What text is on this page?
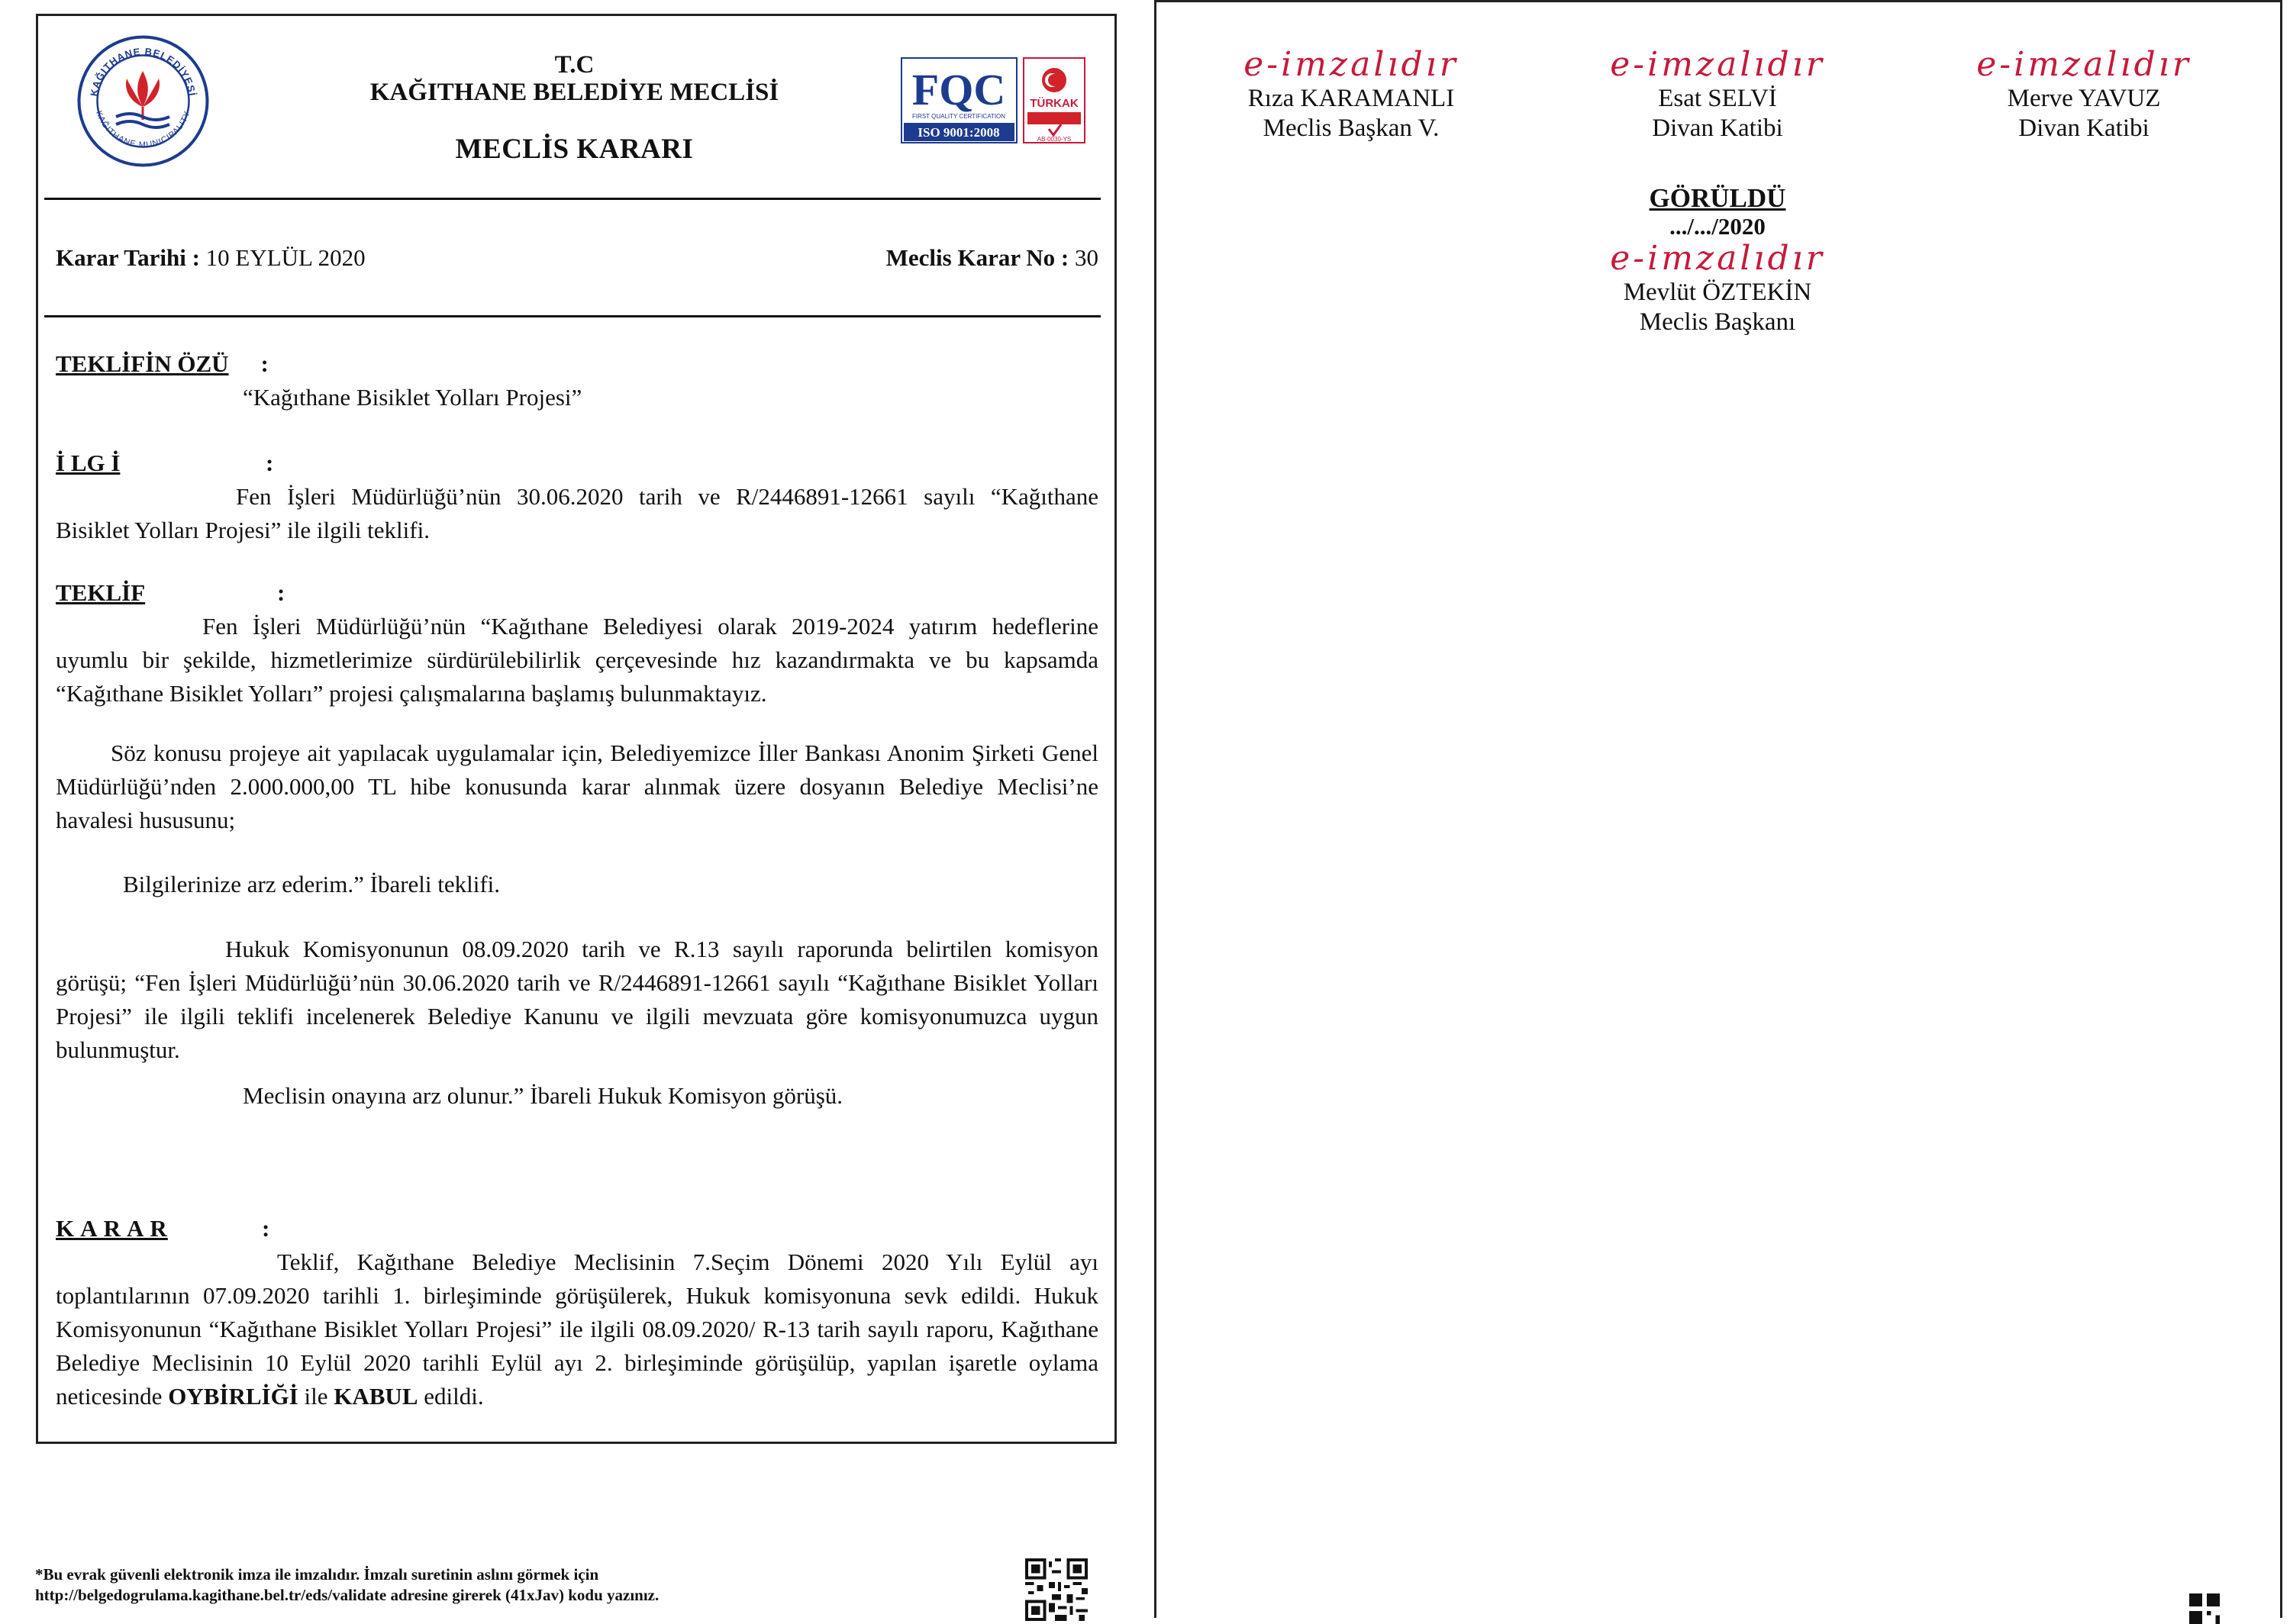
KAĞITHANE BELEDİYESİ
KAĞITHANE MUNICIPALITY
T.C
KAĞITHANE BELEDİYE MECLİSİ
MECLİS KARARI
FQC
FIRST QUALITY CERTIFICATION
ISO 9001:2008
TÜRKAK
AB-0030-YS
Karar Tarihi : 10 EYLÜL 2020	Meclis Karar No : 30
TEKLİFİN ÖZÜ :
“Kağıthane Bisiklet Yolları Projesi”
İ LG İ	:
Fen İşleri Müdürlüğü’nün 30.06.2020 tarih ve R/2446891-12661 sayılı “Kağıthane Bisiklet Yolları Projesi” ile ilgili teklifi.
TEKLİF	:
Fen İşleri Müdürlüğü’nün “Kağıthane Belediyesi olarak 2019-2024 yatırım hedeflerine uyumlu bir şekilde, hizmetlerimize sürdürülebilirlik çerçevesinde hız kazandırmakta ve bu kapsamda “Kağıthane Bisiklet Yolları” projesi çalışmalarına başlamış bulunmaktayız.
Söz konusu projeye ait yapılacak uygulamalar için, Belediyemizce İller Bankası Anonim Şirketi Genel Müdürlüğü’nden 2.000.000,00 TL hibe konusunda karar alınmak üzere dosyanın Belediye Meclisi’ne havalesi hususunu;
Bilgilerinize arz ederim.” İbareli teklifi.
Hukuk Komisyonunun 08.09.2020 tarih ve R.13 sayılı raporunda belirtilen komisyon görüşü; “Fen İşleri Müdürlüğü’nün 30.06.2020 tarih ve R/2446891-12661 sayılı “Kağıthane Bisiklet Yolları Projesi” ile ilgili teklifi incelenerek Belediye Kanunu ve ilgili mevzuata göre komisyonumuzca uygun bulunmuştur.
Meclisin onayına arz olunur.” İbareli Hukuk Komisyon görüşü.
K A R A R	:
Teklif, Kağıthane Belediye Meclisinin 7.Seçim Dönemi 2020 Yılı Eylül ayı toplantılarının 07.09.2020 tarihli 1. birleşiminde görüşülerek, Hukuk komisyonuna sevk edildi. Hukuk Komisyonunun “Kağıthane Bisiklet Yolları Projesi” ile ilgili 08.09.2020/ R-13 tarih sayılı raporu, Kağıthane Belediye Meclisinin 10 Eylül 2020 tarihli Eylül ayı 2. birleşiminde görüşülüp, yapılan işaretle oylama neticesinde OYBİRLİĞİ ile KABUL edildi.
*Bu evrak güvenli elektronik imza ile imzalıdır. İmzalı suretinin aslını görmek için
http://belgedogrulama.kagithane.bel.tr/eds/validate adresine girerek (41xJav) kodu yazınız.
e-imzalıdır
Rıza KARAMANLI
Meclis Başkan V.
e-imzalıdır
Esat SELVİ
Divan Katibi
e-imzalıdır
Merve YAVUZ
Divan Katibi
GÖRÜLDÜ
.../.../2020
e-imzalıdır
Mevlüt ÖZTEKİN
Meclis Başkanı
